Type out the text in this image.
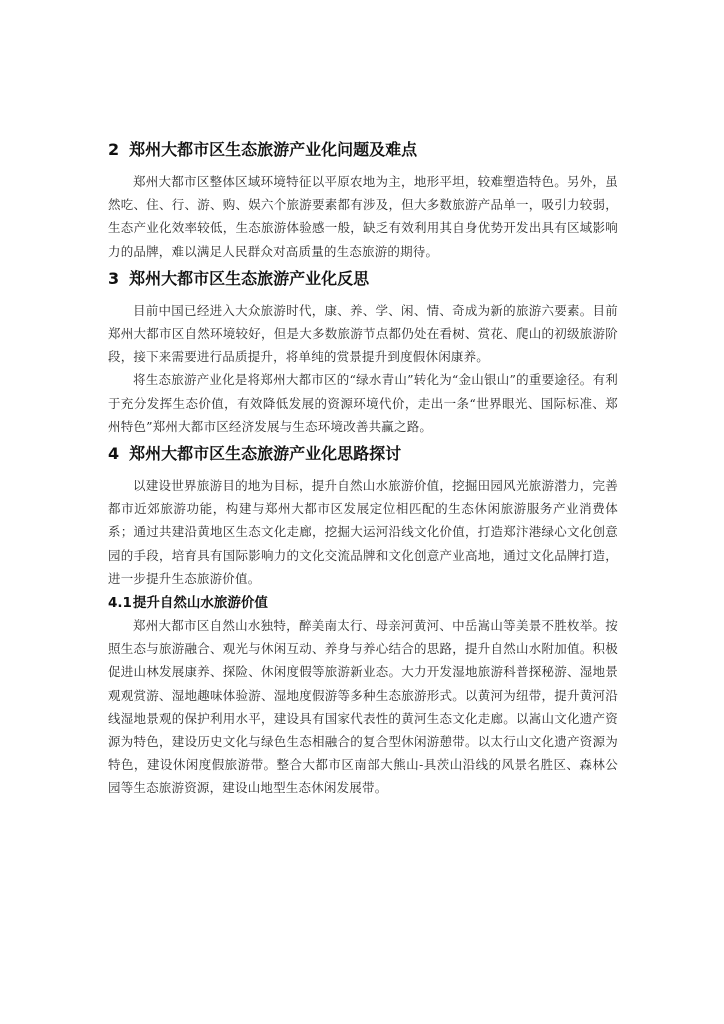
2 郑州大都市区生态旅游产业化问题及难点

郑州大都市区整体区域环境特征以平原农地为主，地形平坦，较难塑造特色。另外，虽然吃、住、行、游、购、娱六个旅游要素都有涉及，但大多数旅游产品单一，吸引力较弱，生态产业化效率较低，生态旅游体验感一般，缺乏有效利用其自身优势开发出具有区域影响力的品牌，难以满足人民群众对高质量的生态旅游的期待。

3 郑州大都市区生态旅游产业化反思

目前中国已经进入大众旅游时代，康、养、学、闲、情、奇成为新的旅游六要素。目前郑州大都市区自然环境较好，但是大多数旅游节点都仍处在看树、赏花、爬山的初级旅游阶段，接下来需要进行品质提升，将单纯的赏景提升到度假休闲康养。

将生态旅游产业化是将郑州大都市区的“绿水青山”转化为“金山银山”的重要途径。有利于充分发挥生态价值，有效降低发展的资源环境代价，走出一条“世界眼光、国际标准、郑州特色”郑州大都市区经济发展与生态环境改善共赢之路。

4 郑州大都市区生态旅游产业化思路探讨

以建设世界旅游目的地为目标，提升自然山水旅游价值，挖掘田园风光旅游潜力，完善都市近郊旅游功能，构建与郑州大都市区发展定位相匹配的生态休闲旅游服务产业消费体系；通过共建沿黄地区生态文化走廊，挖掘大运河沿线文化价值，打造郑汴港绿心文化创意园的手段，培育具有国际影响力的文化交流品牌和文化创意产业高地，通过文化品牌打造，进一步提升生态旅游价值。

4.1提升自然山水旅游价值

郑州大都市区自然山水独特，醉美南太行、母亲河黄河、中岳嵩山等美景不胜枚举。按照生态与旅游融合、观光与休闲互动、养身与养心结合的思路，提升自然山水附加值。积极促进山林发展康养、探险、休闲度假等旅游新业态。大力开发湿地旅游科普探秘游、湿地景观观赏游、湿地趣味体验游、湿地度假游等多种生态旅游形式。以黄河为纽带，提升黄河沿线湿地景观的保护利用水平，建设具有国家代表性的黄河生态文化走廊。以嵩山文化遗产资源为特色，建设历史文化与绿色生态相融合的复合型休闲游憩带。以太行山文化遗产资源为特色，建设休闲度假旅游带。整合大都市区南部大熊山-具茨山沿线的风景名胜区、森林公园等生态旅游资源，建设山地型生态休闲发展带。
